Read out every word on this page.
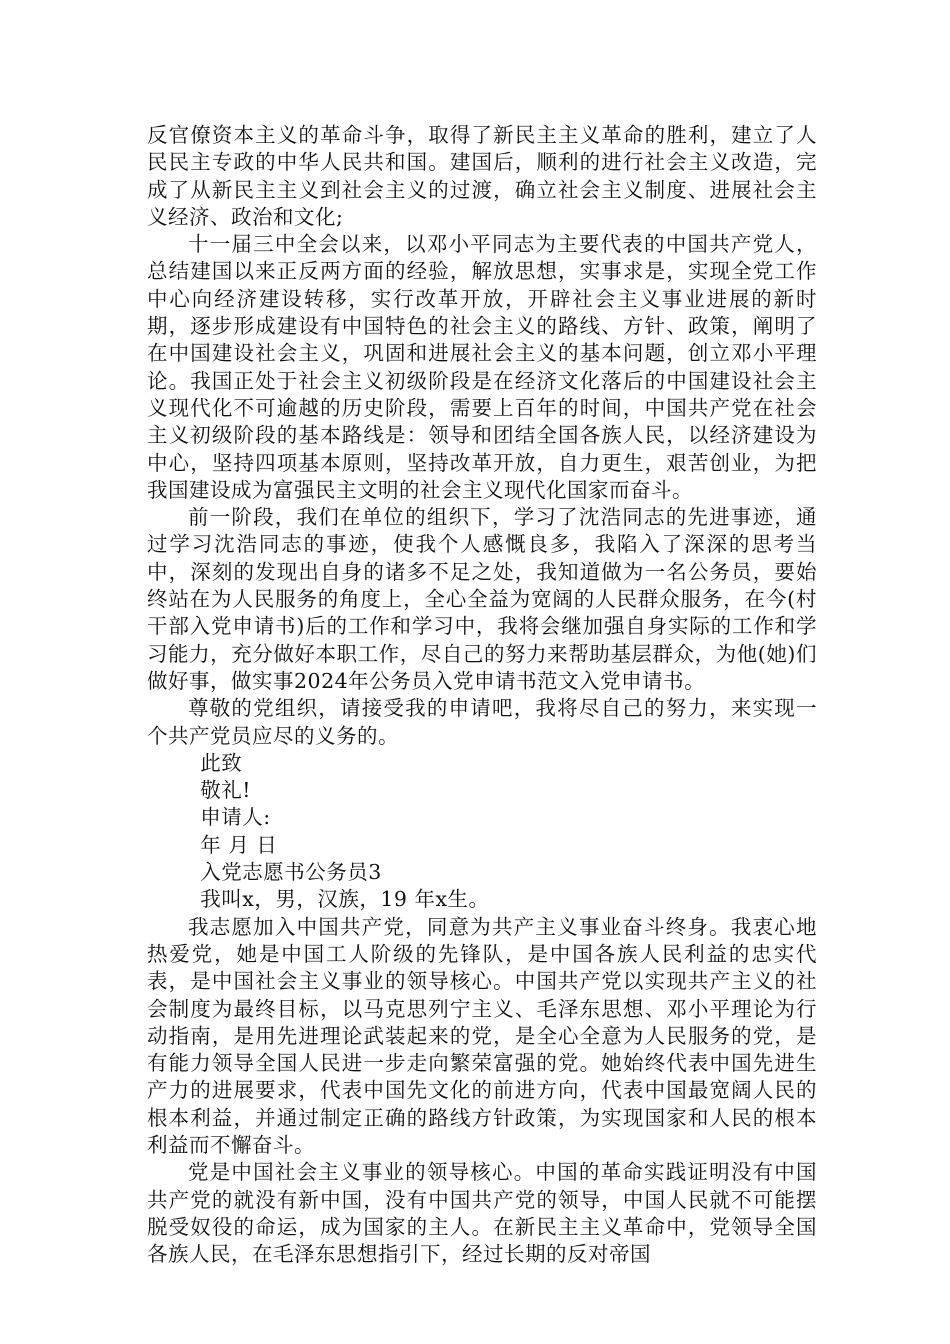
反官僚资本主义的革命斗争，取得了新民主主义革命的胜利，建立了人民民主专政的中华人民共和国。建国后，顺利的进行社会主义改造，完成了从新民主主义到社会主义的过渡，确立社会主义制度、进展社会主义经济、政治和文化;

十一届三中全会以来，以邓小平同志为主要代表的中国共产党人，总结建国以来正反两方面的经验，解放思想，实事求是，实现全党工作中心向经济建设转移，实行改革开放，开辟社会主义事业进展的新时期，逐步形成建设有中国特色的社会主义的路线、方针、政策，阐明了在中国建设社会主义，巩固和进展社会主义的基本问题，创立邓小平理论。我国正处于社会主义初级阶段是在经济文化落后的中国建设社会主义现代化不可逾越的历史阶段，需要上百年的时间，中国共产党在社会主义初级阶段的基本路线是：领导和团结全国各族人民，以经济建设为中心，坚持四项基本原则，坚持改革开放，自力更生，艰苦创业，为把我国建设成为富强民主文明的社会主义现代化国家而奋斗。

前一阶段，我们在单位的组织下，学习了沈浩同志的先进事迹，通过学习沈浩同志的事迹，使我个人感慨良多，我陷入了深深的思考当中，深刻的发现出自身的诸多不足之处，我知道做为一名公务员，要始终站在为人民服务的角度上，全心全益为宽阔的人民群众服务，在今(村干部入党申请书)后的工作和学习中，我将会继加强自身实际的工作和学习能力，充分做好本职工作，尽自己的努力来帮助基层群众，为他(她)们做好事，做实事2024年公务员入党申请书范文入党申请书。

尊敬的党组织，请接受我的申请吧，我将尽自己的努力，来实现一个共产党员应尽的义务的。

此致

敬礼!

申请人:

年 月 日

入党志愿书公务员3

我叫x，男，汉族，19 年x生。

我志愿加入中国共产党，同意为共产主义事业奋斗终身。我衷心地热爱党，她是中国工人阶级的先锋队，是中国各族人民利益的忠实代表，是中国社会主义事业的领导核心。中国共产党以实现共产主义的社会制度为最终目标，以马克思列宁主义、毛泽东思想、邓小平理论为行动指南，是用先进理论武装起来的党，是全心全意为人民服务的党，是有能力领导全国人民进一步走向繁荣富强的党。她始终代表中国先进生产力的进展要求，代表中国先文化的前进方向，代表中国最宽阔人民的根本利益，并通过制定正确的路线方针政策，为实现国家和人民的根本利益而不懈奋斗。

党是中国社会主义事业的领导核心。中国的革命实践证明没有中国共产党的就没有新中国，没有中国共产党的领导，中国人民就不可能摆脱受奴役的命运，成为国家的主人。在新民主主义革命中，党领导全国各族人民，在毛泽东思想指引下，经过长期的反对帝国
